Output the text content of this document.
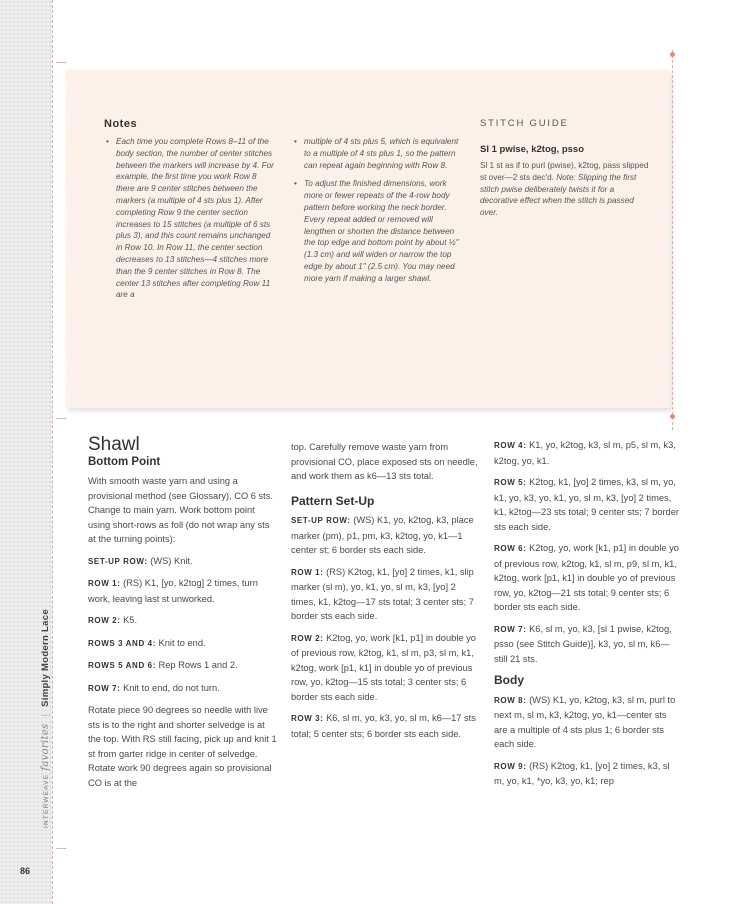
INTERWEAVE favorites | Simply Modern Lace
86
Notes
• Each time you complete Rows 8–11 of the body section, the number of center stitches between the markers will increase by 4. For example, the first time you work Row 8 there are 9 center stitches between the markers (a multiple of 4 sts plus 1). After completing Row 9 the center section increases to 15 stitches (a multiple of 6 sts plus 3), and this count remains unchanged in Row 10. In Row 11, the center section decreases to 13 stitches—4 stitches more than the 9 center stitches in Row 8. The center 13 stitches after completing Row 11 are a
• multiple of 4 sts plus 5, which is equivalent to a multiple of 4 sts plus 1, so the pattern can repeat again beginning with Row 8.
• To adjust the finished dimensions, work more or fewer repeats of the 4-row body pattern before working the neck border. Every repeat added or removed will lengthen or shorten the distance between the top edge and bottom point by about ½" (1.3 cm) and will widen or narrow the top edge by about 1" (2.5 cm). You may need more yarn if making a larger shawl.
STITCH GUIDE
Sl 1 pwise, k2tog, psso
Sl 1 st as if to purl (pwise), k2tog, pass slipped st over—2 sts dec'd. Note: Slipping the first stitch pwise deliberately twists it for a decorative effect when the stitch is passed over.
Shawl
Bottom Point

With smooth waste yarn and using a provisional method (see Glossary), CO 6 sts. Change to main yarn. Work bottom point using short-rows as foll (do not wrap any sts at the turning points):

SET-UP ROW: (WS) Knit.

ROW 1: (RS) K1, [yo, k2tog] 2 times, turn work, leaving last st unworked.

ROW 2: K5.

ROWS 3 AND 4: Knit to end.

ROWS 5 AND 6: Rep Rows 1 and 2.

ROW 7: Knit to end, do not turn.

Rotate piece 90 degrees so needle with live sts is to the right and shorter selvedge is at the top. With RS still facing, pick up and knit 1 st from garter ridge in center of selvedge. Rotate work 90 degrees again so provisional CO is at the

top. Carefully remove waste yarn from provisional CO, place exposed sts on needle, and work them as k6—13 sts total.

Pattern Set-Up

SET-UP ROW: (WS) K1, yo, k2tog, k3, place marker (pm), p1, pm, k3, k2tog, yo, k1—1 center st; 6 border sts each side.

ROW 1: (RS) K2tog, k1, [yo] 2 times, k1, slip marker (sl m), yo, k1, yo, sl m, k3, [yo] 2 times, k1, k2tog—17 sts total; 3 center sts; 7 border sts each side.

ROW 2: K2tog, yo, work [k1, p1] in double yo of previous row, k2tog, k1, sl m, p3, sl m, k1, k2tog, work [p1, k1] in double yo of previous row, yo, k2tog—15 sts total; 3 center sts; 6 border sts each side.

ROW 3: K6, sl m, yo, k3, yo, sl m, k6—17 sts total; 5 center sts; 6 border sts each side.

ROW 4: K1, yo, k2tog, k3, sl m, p5, sl m, k3, k2tog, yo, k1.

ROW 5: K2tog, k1, [yo] 2 times, k3, sl m, yo, k1, yo, k3, yo, k1, yo, sl m, k3, [yo] 2 times, k1, k2tog—23 sts total; 9 center sts; 7 border sts each side.

ROW 6: K2tog, yo, work [k1, p1] in double yo of previous row, k2tog, k1, sl m, p9, sl m, k1, k2tog, work [p1, k1] in double yo of previous row, yo, k2tog—21 sts total; 9 center sts; 6 border sts each side.

ROW 7: K6, sl m, yo, k3, [sl 1 pwise, k2tog, psso (see Stitch Guide)], k3, yo, sl m, k6—still 21 sts.

Body

ROW 8: (WS) K1, yo, k2tog, k3, sl m, purl to next m, sl m, k3, k2tog, yo, k1—center sts are a multiple of 4 sts plus 1; 6 border sts each side.

ROW 9: (RS) K2tog, k1, [yo] 2 times, k3, sl m, yo, k1, *yo, k3, yo, k1; rep
